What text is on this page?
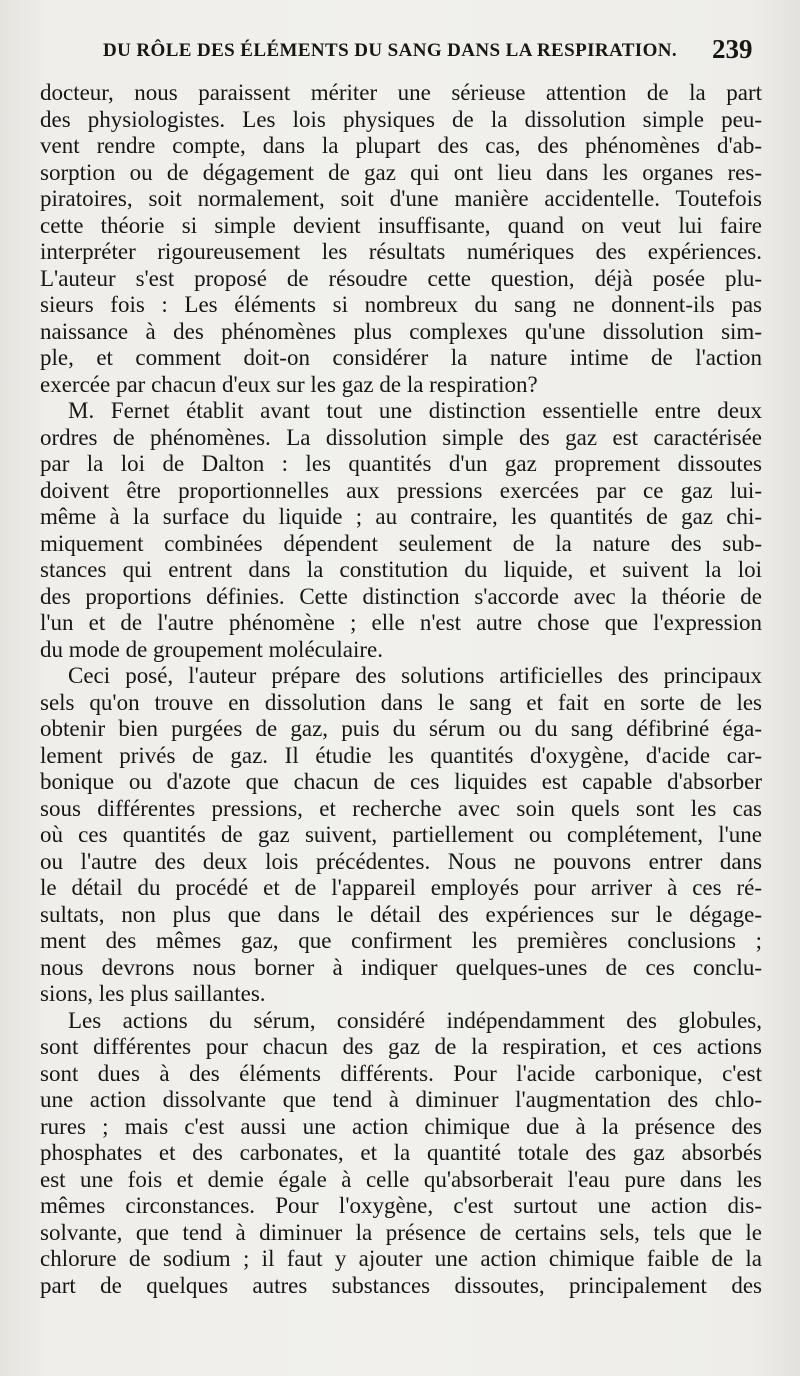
DU RÔLE DES ÉLÉMENTS DU SANG DANS LA RESPIRATION. 239
docteur, nous paraissent mériter une sérieuse attention de la part
des physiologistes. Les lois physiques de la dissolution simple peu-
vent rendre compte, dans la plupart des cas, des phénomènes d'ab-
sorption ou de dégagement de gaz qui ont lieu dans les organes res-
piratoires, soit normalement, soit d'une manière accidentelle. Toutefois
cette théorie si simple devient insuffisante, quand on veut lui faire
interpréter rigoureusement les résultats numériques des expériences.
L'auteur s'est proposé de résoudre cette question, déjà posée plu-
sieurs fois : Les éléments si nombreux du sang ne donnent-ils pas
naissance à des phénomènes plus complexes qu'une dissolution sim-
ple, et comment doit-on considérer la nature intime de l'action
exercée par chacun d'eux sur les gaz de la respiration?
M. Fernet établit avant tout une distinction essentielle entre deux
ordres de phénomènes. La dissolution simple des gaz est caractérisée
par la loi de Dalton : les quantités d'un gaz proprement dissoutes
doivent être proportionnelles aux pressions exercées par ce gaz lui-
même à la surface du liquide ; au contraire, les quantités de gaz chi-
miquement combinées dépendent seulement de la nature des sub-
stances qui entrent dans la constitution du liquide, et suivent la loi
des proportions définies. Cette distinction s'accorde avec la théorie de
l'un et de l'autre phénomène ; elle n'est autre chose que l'expression
du mode de groupement moléculaire.
Ceci posé, l'auteur prépare des solutions artificielles des principaux
sels qu'on trouve en dissolution dans le sang et fait en sorte de les
obtenir bien purgées de gaz, puis du sérum ou du sang défibriné éga-
lement privés de gaz. Il étudie les quantités d'oxygène, d'acide car-
bonique ou d'azote que chacun de ces liquides est capable d'absorber
sous différentes pressions, et recherche avec soin quels sont les cas
où ces quantités de gaz suivent, partiellement ou complétement, l'une
ou l'autre des deux lois précédentes. Nous ne pouvons entrer dans
le détail du procédé et de l'appareil employés pour arriver à ces ré-
sultats, non plus que dans le détail des expériences sur le dégage-
ment des mêmes gaz, que confirment les premières conclusions ;
nous devrons nous borner à indiquer quelques-unes de ces conclu-
sions, les plus saillantes.
Les actions du sérum, considéré indépendamment des globules,
sont différentes pour chacun des gaz de la respiration, et ces actions
sont dues à des éléments différents. Pour l'acide carbonique, c'est
une action dissolvante que tend à diminuer l'augmentation des chlo-
rures ; mais c'est aussi une action chimique due à la présence des
phosphates et des carbonates, et la quantité totale des gaz absorbés
est une fois et demie égale à celle qu'absorberait l'eau pure dans les
mêmes circonstances. Pour l'oxygène, c'est surtout une action dis-
solvante, que tend à diminuer la présence de certains sels, tels que le
chlorure de sodium ; il faut y ajouter une action chimique faible de la
part de quelques autres substances dissoutes, principalement des
